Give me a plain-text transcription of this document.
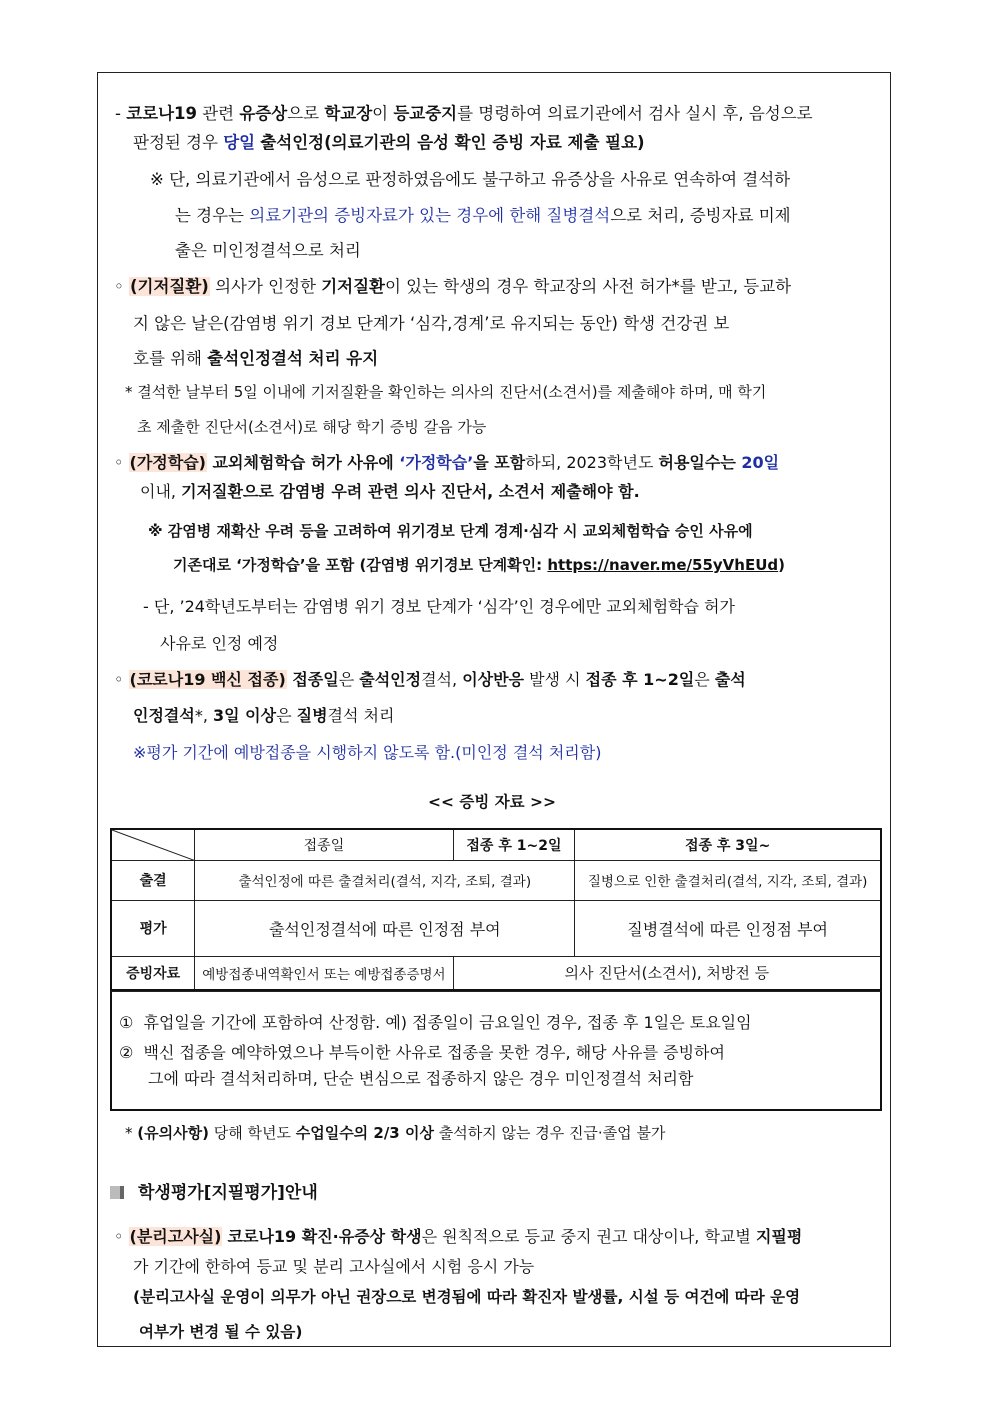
- 코로나19 관련 유증상으로 학교장이 등교중지를 명령하여 의료기관에서 검사 실시 후, 음성으로
판정된 경우 당일 출석인정(의료기관의 음성 확인 증빙 자료 제출 필요)
※ 단, 의료기관에서 음성으로 판정하였음에도 불구하고 유증상을 사유로 연속하여 결석하
는 경우는 의료기관의 증빙자료가 있는 경우에 한해 질병결석으로 처리, 증빙자료 미제
출은 미인정결석으로 처리
◦ (기저질환) 의사가 인정한 기저질환이 있는 학생의 경우 학교장의 사전 허가*를 받고, 등교하
지 않은 날은(감염병 위기 경보 단계가 ‘심각,경계’로 유지되는 동안) 학생 건강권 보
호를 위해 출석인정결석 처리 유지
* 결석한 날부터 5일 이내에 기저질환을 확인하는 의사의 진단서(소견서)를 제출해야 하며, 매 학기
초 제출한 진단서(소견서)로 해당 학기 증빙 갈음 가능
◦ (가정학습) 교외체험학습 허가 사유에 ‘가정학습’을 포함하되, 2023학년도 허용일수는 20일
이내, 기저질환으로 감염병 우려 관련 의사 진단서, 소견서 제출해야 함.
※ 감염병 재확산 우려 등을 고려하여 위기경보 단계 경계·심각 시 교외체험학습 승인 사유에
기존대로 ‘가정학습’을 포함 (감염병 위기경보 단계확인: https://naver.me/55yVhEUd)
- 단, ’24학년도부터는 감염병 위기 경보 단계가 ‘심각’인 경우에만 교외체험학습 허가
사유로 인정 예정
◦ (코로나19 백신 접종) 접종일은 출석인정결석, 이상반응 발생 시 접종 후 1~2일은 출석
인정결석*, 3일 이상은 질병결석 처리
※평가 기간에 예방접종을 시행하지 않도록 함.(미인정 결석 처리함)
<< 증빙 자료 >>
	접종일	접종 후 1~2일	접종 후 3일~
출결	출석인정에 따른 출결처리(결석, 지각, 조퇴, 결과)		질병으로 인한 출결처리(결석, 지각, 조퇴, 결과)
평가	출석인정결석에 따른 인정점 부여		질병결석에 따른 인정점 부여
증빙자료	예방접종내역확인서 또는 예방접종증명서	의사 진단서(소견서), 처방전 등	
① 휴업일을 기간에 포함하여 산정함. 예) 접종일이 금요일인 경우, 접종 후 1일은 토요일임
② 백신 접종을 예약하였으나 부득이한 사유로 접종을 못한 경우, 해당 사유를 증빙하여
그에 따라 결석처리하며, 단순 변심으로 접종하지 않은 경우 미인정결석 처리함
* (유의사항) 당해 학년도 수업일수의 2/3 이상 출석하지 않는 경우 진급·졸업 불가
학생평가[지필평가]안내
◦ (분리고사실) 코로나19 확진·유증상 학생은 원칙적으로 등교 중지 권고 대상이나, 학교별 지필평
가 기간에 한하여 등교 및 분리 고사실에서 시험 응시 가능
(분리고사실 운영이 의무가 아닌 권장으로 변경됨에 따라 확진자 발생률, 시설 등 여건에 따라 운영
여부가 변경 될 수 있음)
